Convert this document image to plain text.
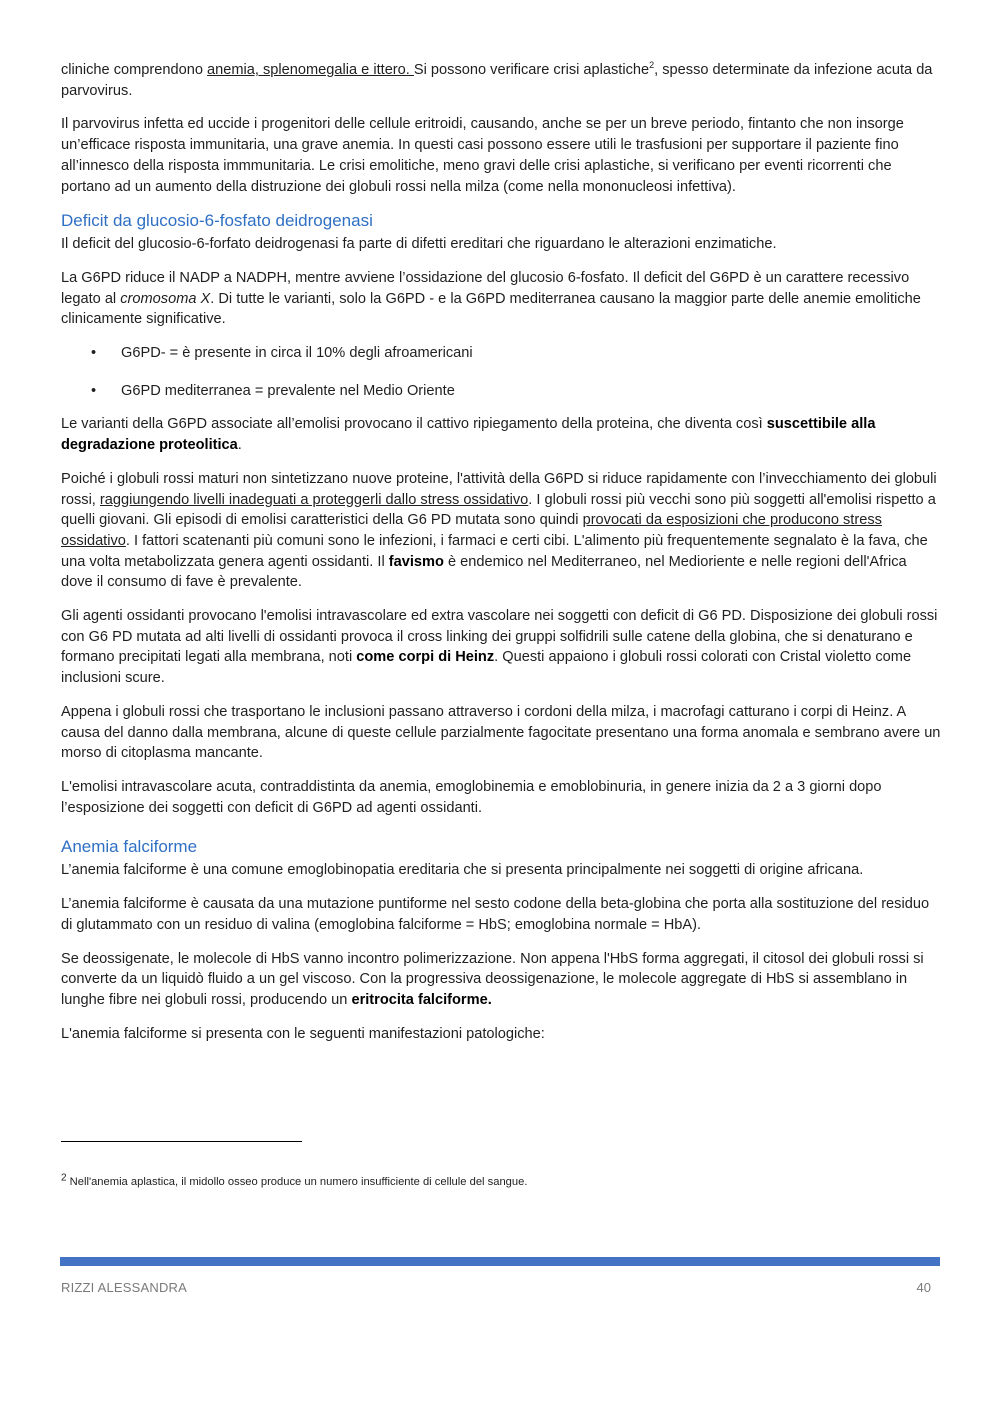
cliniche comprendono anemia, splenomegalia e ittero. Si possono verificare crisi aplastiche$^2$, spesso determinate da infezione acuta da parvovirus.

Il parvovirus infetta ed uccide i progenitori delle cellule eritroidi, causando, anche se per un breve periodo, fintanto che non insorge un’efficace risposta immunitaria, una grave anemia. In questi casi possono essere utili le trasfusioni per supportare il paziente fino all’innesco della risposta immmunitaria. Le crisi emolitiche, meno gravi delle crisi aplastiche, si verificano per eventi ricorrenti che portano ad un aumento della distruzione dei globuli rossi nella milza (come nella mononucleosi infettiva).

Deficit da glucosio-6-fosfato deidrogenasi

Il deficit del glucosio-6-forfato deidrogenasi fa parte di difetti ereditari che riguardano le alterazioni enzimatiche.

La G6PD riduce il NADP a NADPH, mentre avviene l’ossidazione del glucosio 6-fosfato. Il deficit del G6PD è un carattere recessivo legato al cromosoma X. Di tutte le varianti, solo la G6PD - e la G6PD mediterranea causano la maggior parte delle anemie emolitiche clinicamente significative.

• G6PD- = è presente in circa il 10% degli afroamericani
• G6PD mediterranea = prevalente nel Medio Oriente

Le varianti della G6PD associate all’emolisi provocano il cattivo ripiegamento della proteina, che diventa così suscettibile alla degradazione proteolitica.

Poiché i globuli rossi maturi non sintetizzano nuove proteine, l'attività della G6PD si riduce rapidamente con l’invecchiamento dei globuli rossi, raggiungendo livelli inadeguati a proteggerli dallo stress ossidativo. I globuli rossi più vecchi sono più soggetti all'emolisi rispetto a quelli giovani. Gli episodi di emolisi caratteristici della G6 PD mutata sono quindi provocati da esposizioni che producono stress ossidativo. I fattori scatenanti più comuni sono le infezioni, i farmaci e certi cibi. L'alimento più frequentemente segnalato è la fava, che una volta metabolizzata genera agenti ossidanti. Il favismo è endemico nel Mediterraneo, nel Medioriente e nelle regioni dell'Africa dove il consumo di fave è prevalente.

Gli agenti ossidanti provocano l'emolisi intravascolare ed extra vascolare nei soggetti con deficit di G6 PD. Disposizione dei globuli rossi con G6 PD mutata ad alti livelli di ossidanti provoca il cross linking dei gruppi solfidrili sulle catene della globina, che si denaturano e formano precipitati legati alla membrana, noti come corpi di Heinz. Questi appaiono i globuli rossi colorati con Cristal violetto come inclusioni scure.

Appena i globuli rossi che trasportano le inclusioni passano attraverso i cordoni della milza, i macrofagi catturano i corpi di Heinz. A causa del danno dalla membrana, alcune di queste cellule parzialmente fagocitate presentano una forma anomala e sembrano avere un morso di citoplasma mancante.

L'emolisi intravascolare acuta, contraddistinta da anemia, emoglobinemia e emoblobinuria, in genere inizia da 2 a 3 giorni dopo l’esposizione dei soggetti con deficit di G6PD ad agenti ossidanti.

Anemia falciforme

L’anemia falciforme è una comune emoglobinopatia ereditaria che si presenta principalmente nei soggetti di origine africana.

L’anemia falciforme è causata da una mutazione puntiforme nel sesto codone della beta-globina che porta alla sostituzione del residuo di glutammato con un residuo di valina (emoglobina falciforme = HbS; emoglobina normale = HbA).

Se deossigenate, le molecole di HbS vanno incontro polimerizzazione. Non appena l'HbS forma aggregati, il citosol dei globuli rossi si converte da un liquidò fluido a un gel viscoso. Con la progressiva deossigenazione, le molecole aggregate di HbS si assemblano in lunghe fibre nei globuli rossi, producendo un eritrocita falciforme.

L'anemia falciforme si presenta con le seguenti manifestazioni patologiche:

$^2$ Nell'anemia aplastica, il midollo osseo produce un numero insufficiente di cellule del sangue.
RIZZI ALESSANDRA	40
